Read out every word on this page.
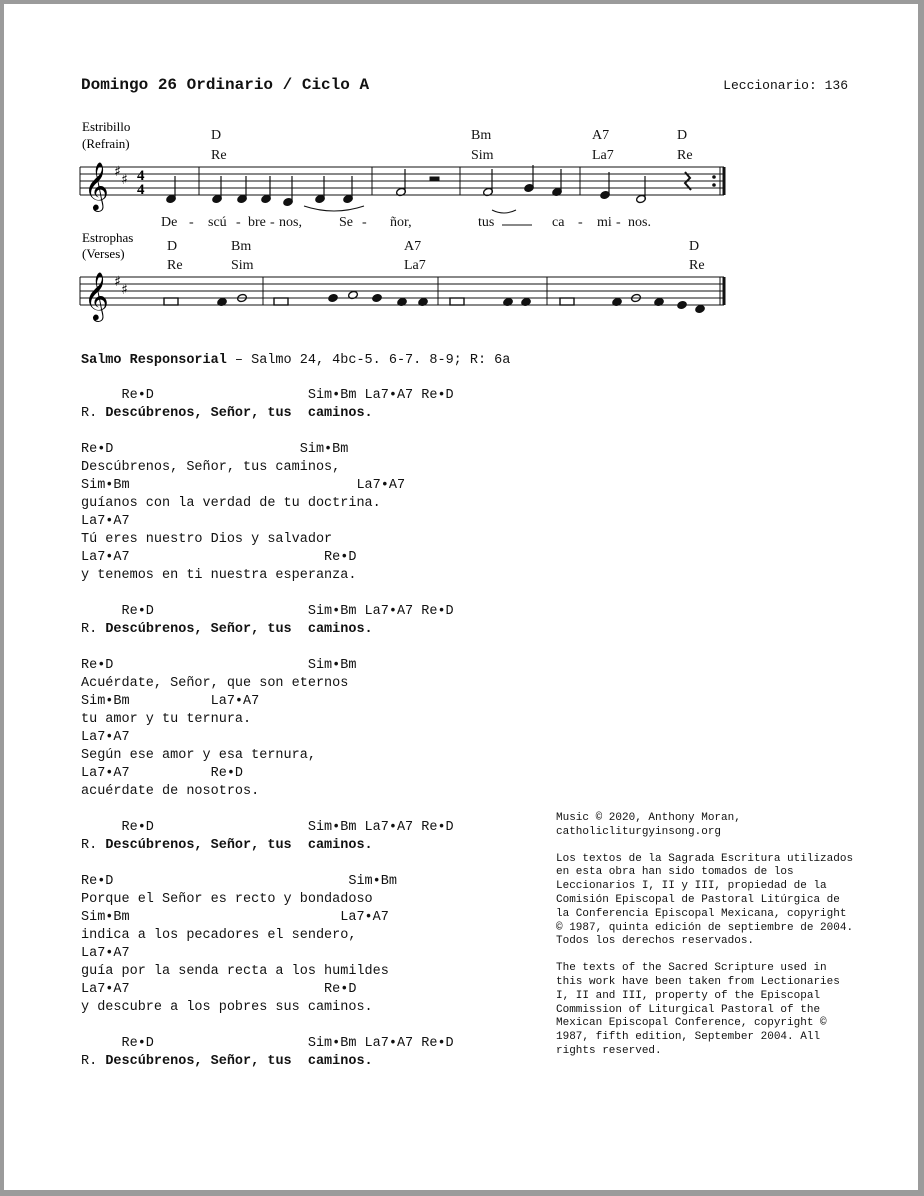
Domingo 26 Ordinario / Ciclo A	Leccionario: 136
Estribillo
(Refrain)
D
Re
Bm
Sim
A7
La7
D
Re
𝄞 ♯ ♯ 4
4
De - scú - bre - nos,	Se - ñor,	tus	ca - mi - nos.
Estrophas
(Verses)	D
Re
Bm
Sim
A7
La7
D
Re
𝄞 ♯ ♯
Salmo Responsorial – Salmo 24, 4bc-5. 6-7. 8-9; R: 6a
Re•D                   Sim•Bm La7•A7 Re•D
R. Descúbrenos, Señor, tus  caminos.
Re•D                       Sim•Bm
Descúbrenos, Señor, tus caminos,
Sim•Bm                            La7•A7
guíanos con la verdad de tu doctrina.
La7•A7
Tú eres nuestro Dios y salvador
La7•A7                        Re•D
y tenemos en ti nuestra esperanza.
Re•D                   Sim•Bm La7•A7 Re•D
R. Descúbrenos, Señor, tus  caminos.
Re•D                        Sim•Bm
Acuérdate, Señor, que son eternos
Sim•Bm          La7•A7
tu amor y tu ternura.
La7•A7
Según ese amor y esa ternura,
La7•A7          Re•D
acuérdate de nosotros.
Re•D                   Sim•Bm La7•A7 Re•D
R. Descúbrenos, Señor, tus  caminos.
Re•D                             Sim•Bm
Porque el Señor es recto y bondadoso
Sim•Bm                          La7•A7
indica a los pecadores el sendero,
La7•A7
guía por la senda recta a los humildes
La7•A7                        Re•D
y descubre a los pobres sus caminos.
Re•D                   Sim•Bm La7•A7 Re•D
R. Descúbrenos, Señor, tus  caminos.

Music © 2020, Anthony Moran,
catholicliturgyinsong.org

Los textos de la Sagrada Escritura utilizados en esta obra han sido tomados de los Leccionarios I, II y III, propiedad de la Comisión Episcopal de Pastoral Litúrgica de la Conferencia Episcopal Mexicana, copyright © 1987, quinta edición de septiembre de 2004. Todos los derechos reservados.

The texts of the Sacred Scripture used in this work have been taken from Lectionaries I, II and III, property of the Episcopal Commission of Liturgical Pastoral of the Mexican Episcopal Conference, copyright © 1987, fifth edition, September 2004. All rights reserved.
